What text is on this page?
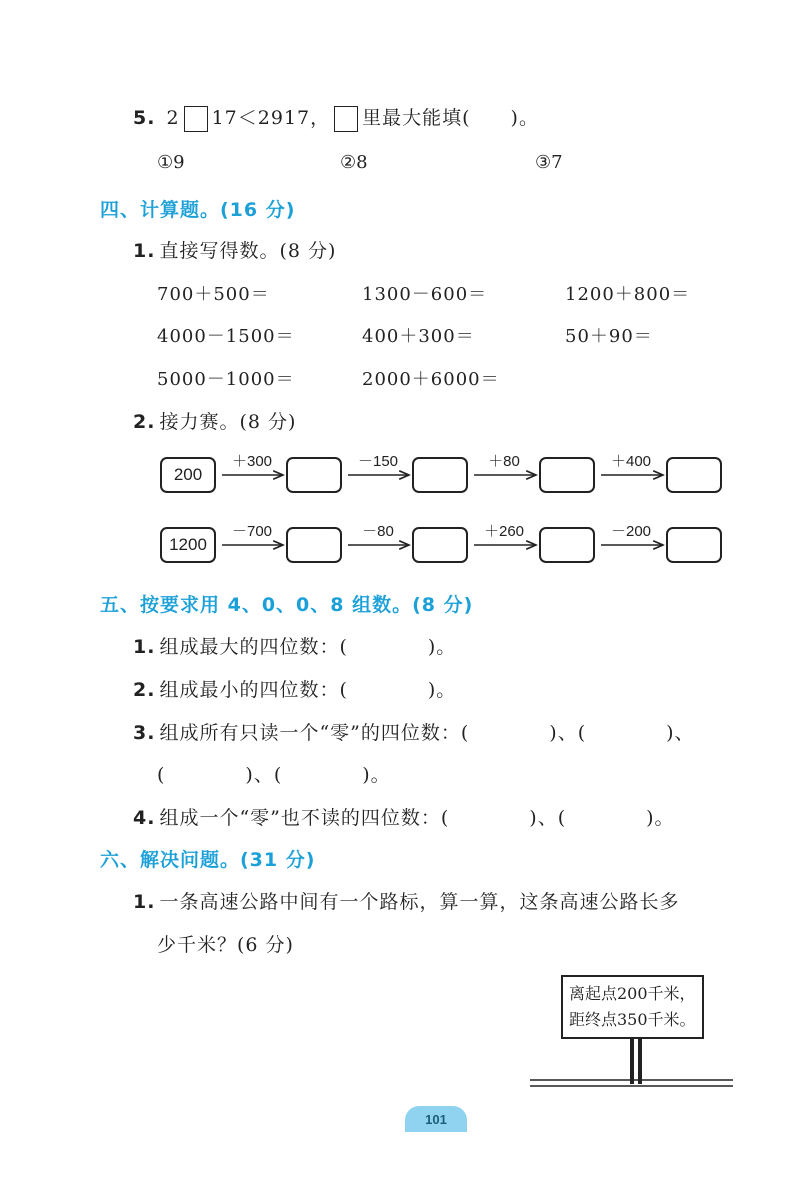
5. 2 17＜2917， 里最大能填(　　)。
①9	②8	③7
四、计算题。(16 分)
1. 直接写得数。(8 分)
700＋500＝	1300－600＝	1200＋800＝
4000－1500＝	400＋300＝	50＋90＝
5000－1000＝	2000＋6000＝
2. 接力赛。(8 分)
200
＋300	－150	＋80	＋400
1200
－700	－80	＋260	－200
五、按要求用 4、0、0、8 组数。(8 分)
1. 组成最大的四位数：(　　　　)。
2. 组成最小的四位数：(　　　　)。
3. 组成所有只读一个“零”的四位数：(　　　　)、(　　　　)、
(　　　　)、(　　　　)。
4. 组成一个“零”也不读的四位数：(　　　　)、(　　　　)。
六、解决问题。(31 分)
1. 一条高速公路中间有一个路标，算一算，这条高速公路长多
少千米？(6 分)
离起点200千米，
距终点350千米。
101
